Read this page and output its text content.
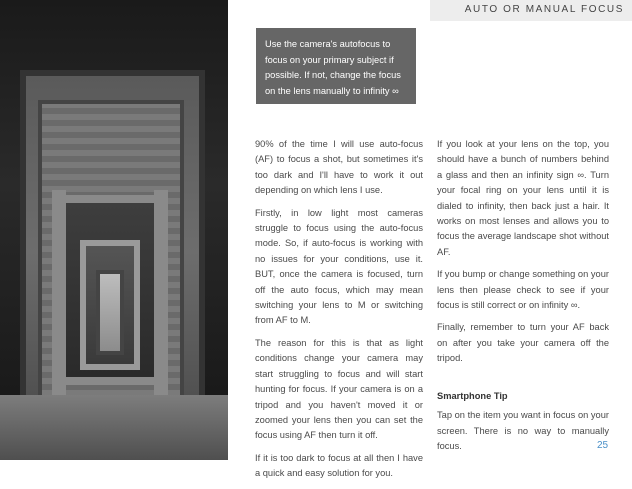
AUTO OR MANUAL FOCUS
Use the camera's autofocus to focus on your primary subject if possible. If not, change the focus on the lens manually to infinity ∞

90% of the time I will use auto-focus (AF) to focus a shot, but sometimes it's too dark and I'll have to work it out depending on which lens I use.

Firstly, in low light most cameras struggle to focus using the auto-focus mode. So, if auto-focus is working with no issues for your conditions, use it. BUT, once the camera is focused, turn off the auto focus, which may mean switching your lens to M or switching from AF to M.

The reason for this is that as light conditions change your camera may start struggling to focus and will start hunting for focus. If your camera is on a tripod and you haven't moved it or zoomed your lens then you can set the focus using AF then turn it off.

If it is too dark to focus at all then I have a quick and easy solution for you.

If you look at your lens on the top, you should have a bunch of numbers behind a glass and then an infinity sign ∞. Turn your focal ring on your lens until it is dialed to infinity, then back just a hair. It works on most lenses and allows you to focus the average landscape shot without AF.

If you bump or change something on your lens then please check to see if your focus is still correct or on infinity ∞.

Finally, remember to turn your AF back on after you take your camera off the tripod.

Smartphone Tip

Tap on the item you want in focus on your screen. There is no way to manually focus.	25
